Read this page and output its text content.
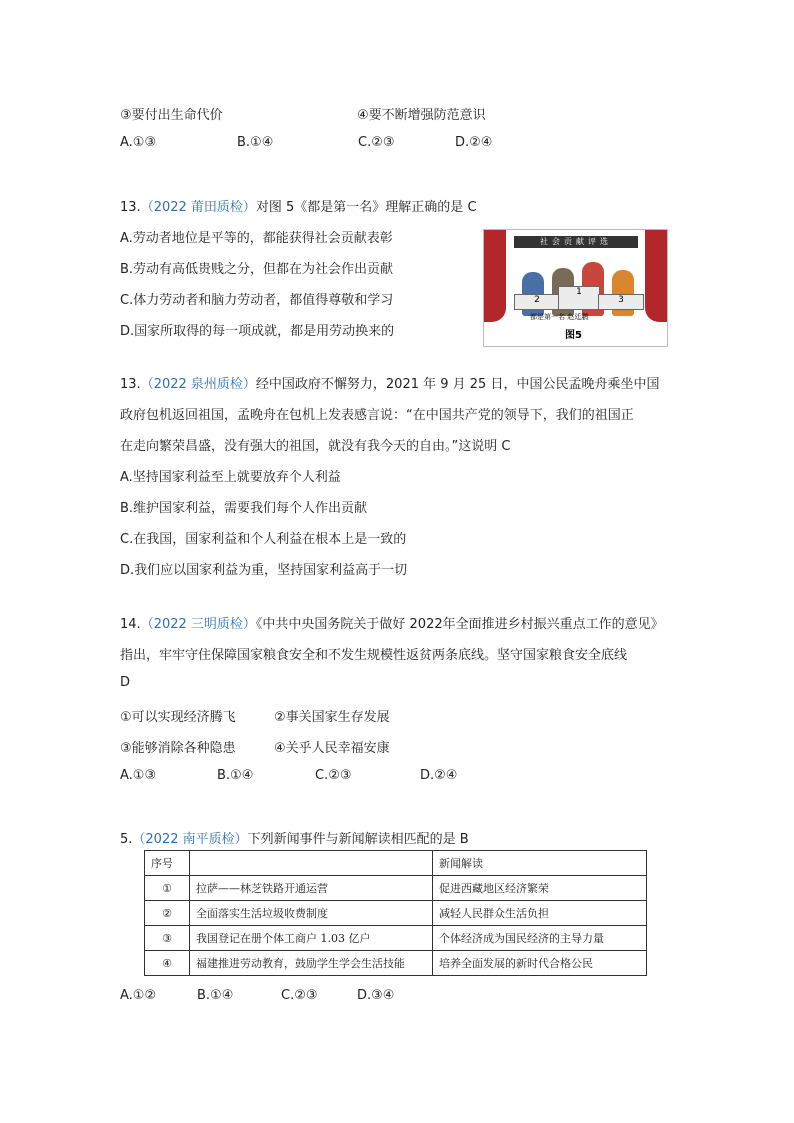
③要付出生命代价	④要不断增强防范意识
A.①③	B.①④	C.②③	D.②④
13.（2022 莆田质检）对图 5《都是第一名》理解正确的是 C
A.劳动者地位是平等的，都能获得社会贡献表彰
B.劳动有高低贵贱之分，但都在为社会作出贡献
C.体力劳动者和脑力劳动者，都值得尊敬和学习
D.国家所取得的每一项成就，都是用劳动换来的
社会贡献评选
2
1
3
都是第一名 赵廷鹏
图5
13.（2022 泉州质检）经中国政府不懈努力，2021 年 9 月 25 日，中国公民孟晚舟乘坐中国
政府包机返回祖国，孟晚舟在包机上发表感言说：“在中国共产党的领导下，我们的祖国正
在走向繁荣昌盛，没有强大的祖国，就没有我今天的自由。”这说明 C
A.坚持国家利益至上就要放弃个人利益
B.维护国家利益，需要我们每个人作出贡献
C.在我国，国家利益和个人利益在根本上是一致的
D.我们应以国家利益为重，坚持国家利益高于一切
14.（2022 三明质检）《中共中央国务院关于做好 2022年全面推进乡村振兴重点工作的意见》
指出，牢牢守住保障国家粮食安全和不发生规模性返贫两条底线。坚守国家粮食安全底线
D
①可以实现经济腾飞	②事关国家生存发展
③能够消除各种隐患	④关乎人民幸福安康
A.①③	B.①④	C.②③	D.②④
5.（2022 南平质检）下列新闻事件与新闻解读相匹配的是 B
序号		新闻解读
①	拉萨——林芝铁路开通运营	促进西藏地区经济繁荣
②	全面落实生活垃圾收费制度	减轻人民群众生活负担
③	我国登记在册个体工商户 1.03 亿户	个体经济成为国民经济的主导力量
④	福建推进劳动教育，鼓励学生学会生活技能	培养全面发展的新时代合格公民
A.①②	B.①④	C.②③	D.③④
